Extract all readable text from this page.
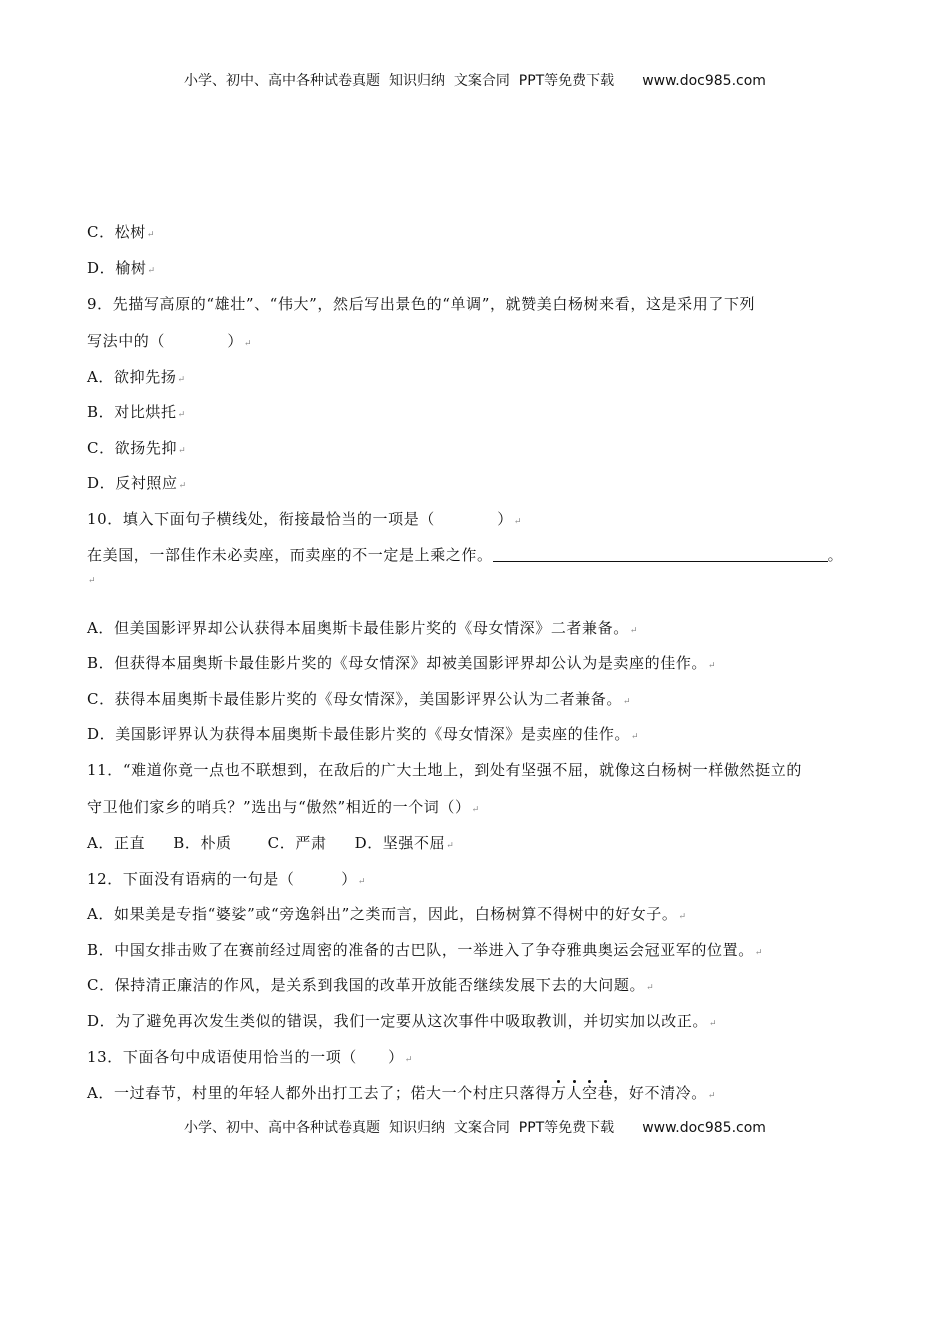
小学、初中、高中各种试卷真题  知识归纳  文案合同  PPT等免费下载 www.doc985.com
C．松树↵
D．榆树↵
9．先描写高原的“雄壮”、“伟大”，然后写出景色的“单调”，就赞美白杨树来看，这是采用了下列
写法中的（　　　　）↵
A．欲抑先扬↵
B．对比烘托↵
C．欲扬先抑↵
D．反衬照应↵
10．填入下面句子横线处，衔接最恰当的一项是（　　　　）↵
在美国，一部佳作未必卖座，而卖座的不一定是上乘之作。	。
↵
A．但美国影评界却公认获得本届奥斯卡最佳影片奖的《母女情深》二者兼备。↵
B．但获得本届奥斯卡最佳影片奖的《母女情深》却被美国影评界却公认为是卖座的佳作。↵
C．获得本届奥斯卡最佳影片奖的《母女情深》，美国影评界公认为二者兼备。↵
D．美国影评界认为获得本届奥斯卡最佳影片奖的《母女情深》是卖座的佳作。↵
11．“难道你竟一点也不联想到，在敌后的广大土地上，到处有坚强不屈，就像这白杨树一样傲然挺立的
守卫他们家乡的哨兵？”选出与“傲然”相近的一个词（）↵
A．正直 B．朴质 C．严肃 D．坚强不屈↵
12．下面没有语病的一句是（　　　）↵
A．如果美是专指“婆娑”或“旁逸斜出”之类而言，因此，白杨树算不得树中的好女子。↵
B．中国女排击败了在赛前经过周密的准备的古巴队，一举进入了争夺雅典奥运会冠亚军的位置。↵
C．保持清正廉洁的作风，是关系到我国的改革开放能否继续发展下去的大问题。↵
D．为了避免再次发生类似的错误，我们一定要从这次事件中吸取教训，并切实加以改正。↵
13．下面各句中成语使用恰当的一项（　　）↵
A．一过春节，村里的年轻人都外出打工去了；偌大一个村庄只落得万人空巷，好不清冷。↵
小学、初中、高中各种试卷真题  知识归纳  文案合同  PPT等免费下载 www.doc985.com
